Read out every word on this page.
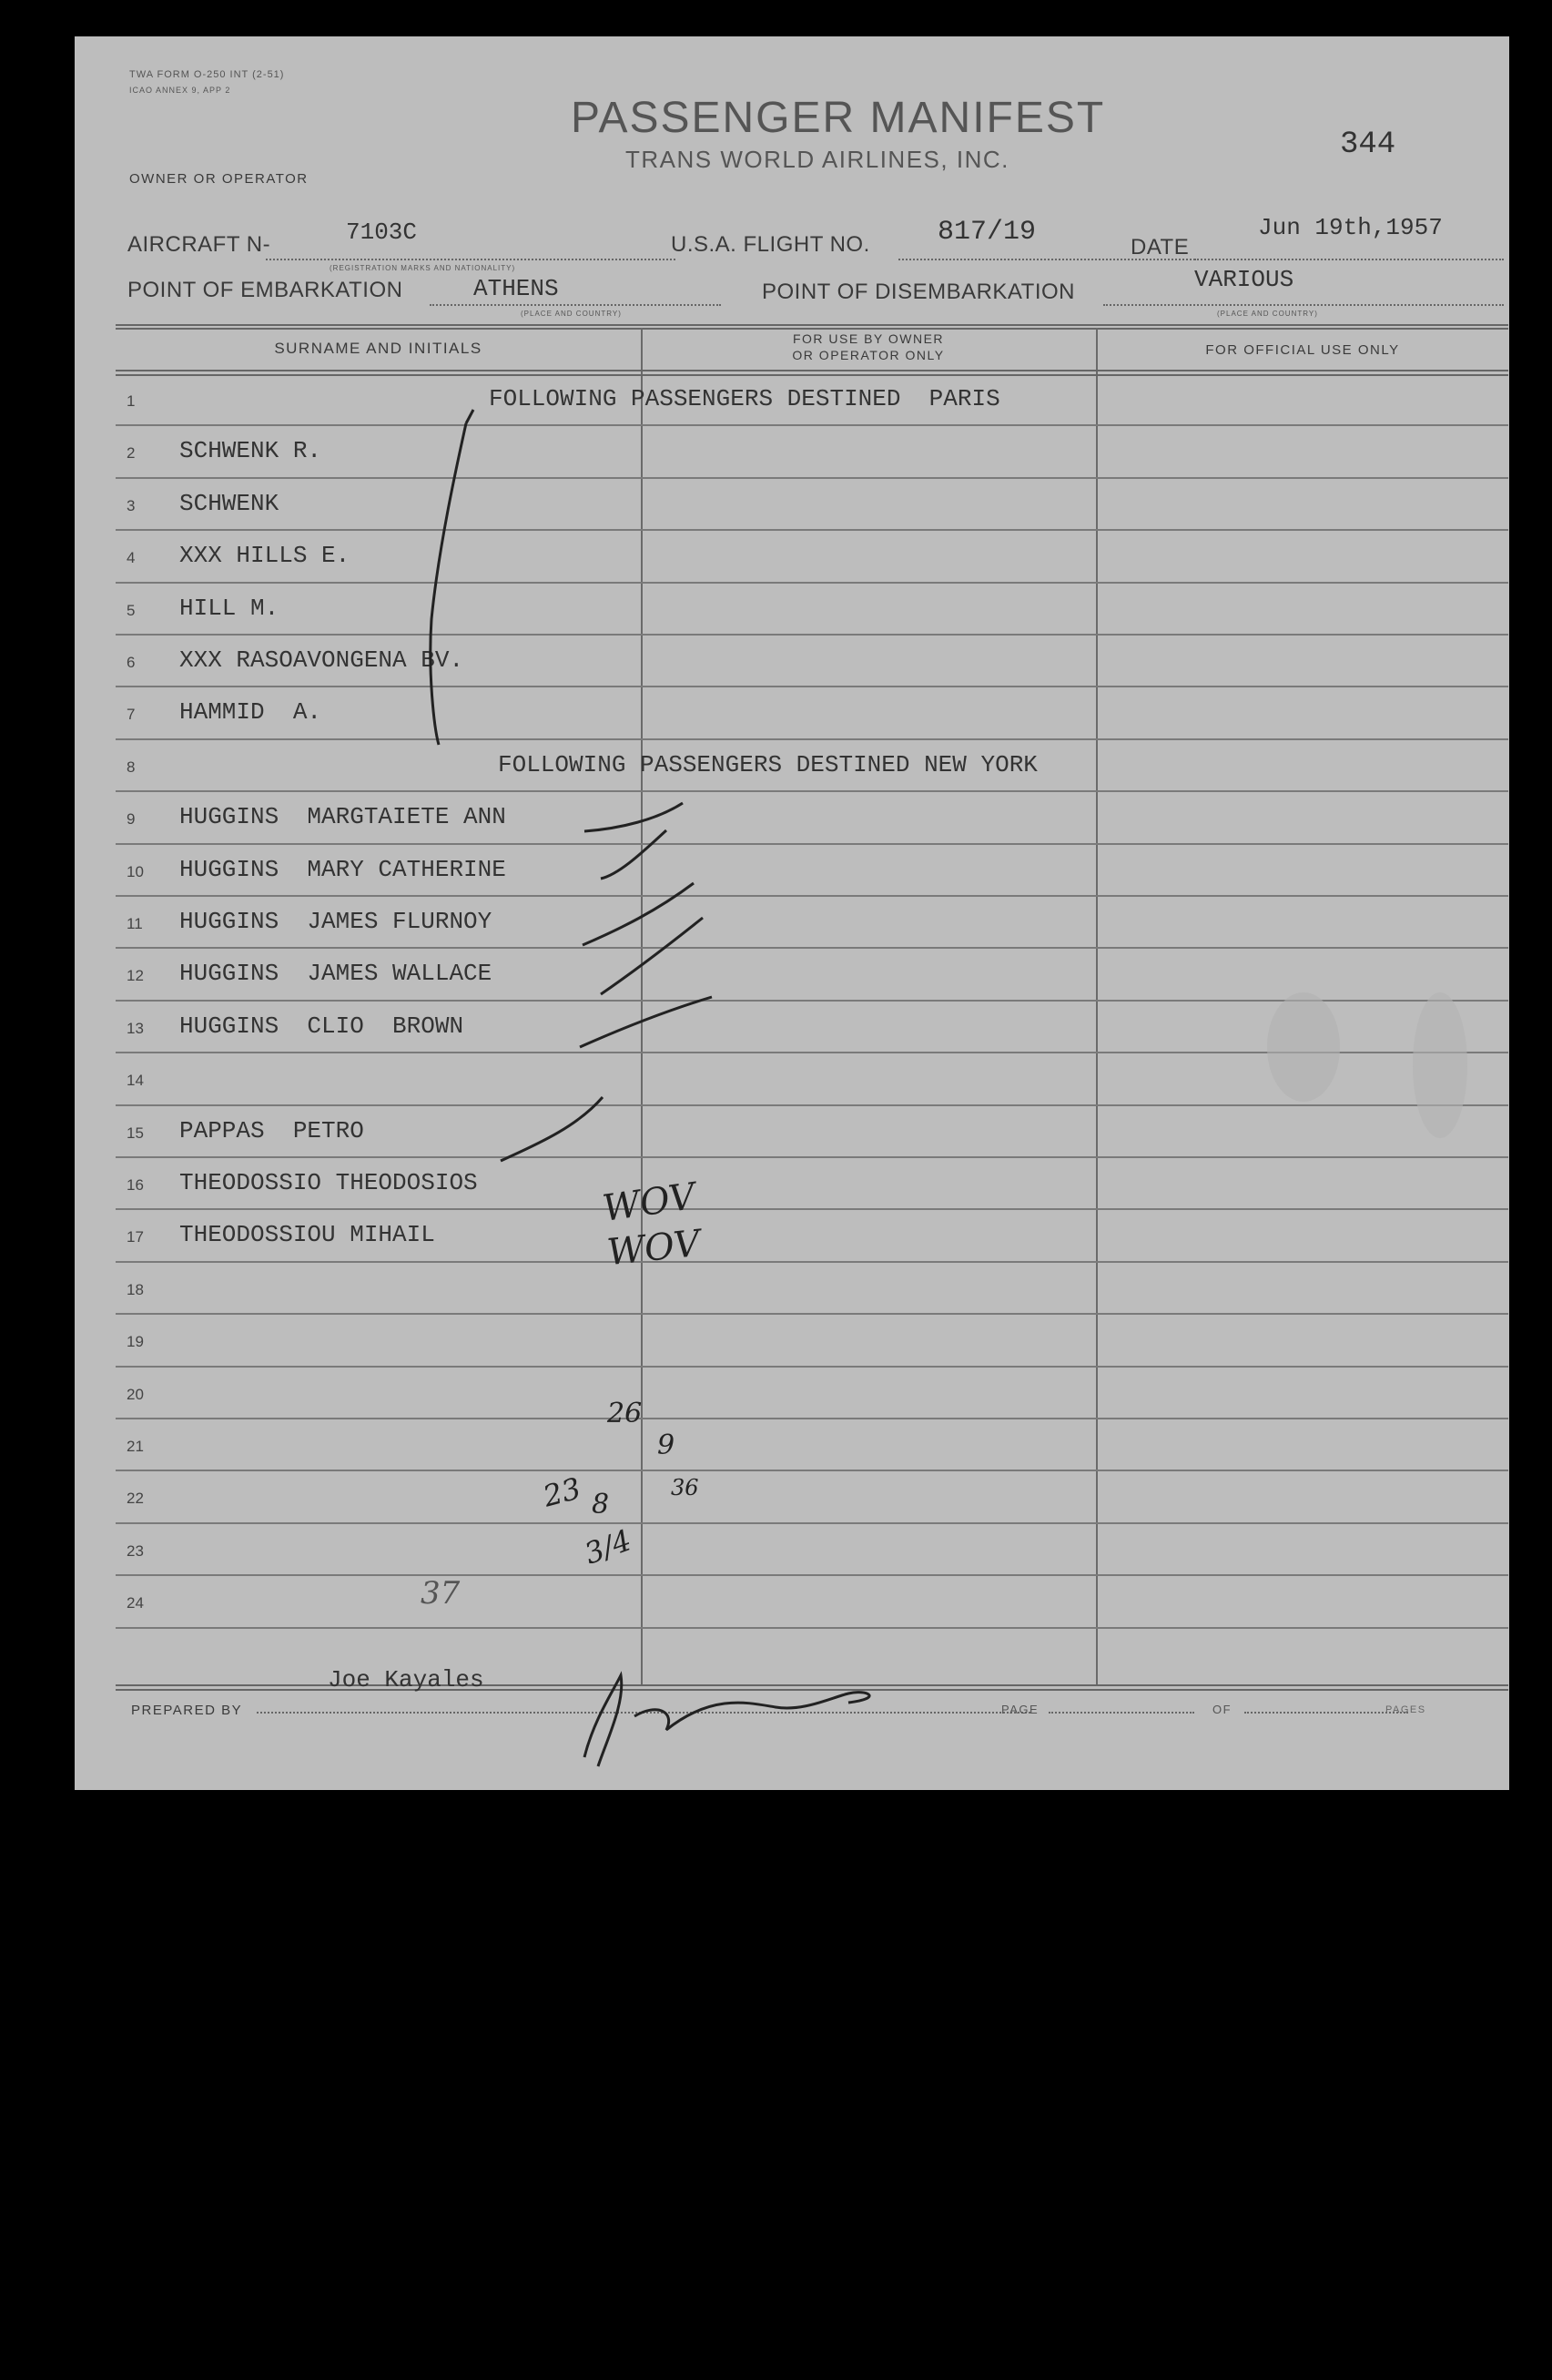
TWA FORM O-250 INT (2-51)
ICAO ANNEX 9, APP 2
OWNER OR OPERATOR
PASSENGER MANIFEST
TRANS WORLD AIRLINES, INC.	344
AIRCRAFT N-	7103C
(REGISTRATION MARKS AND NATIONALITY)
U.S.A. FLIGHT NO. 817/19	DATE
Jun 19th,1957
POINT OF EMBARKATION	ATHENS
(PLACE AND COUNTRY)
POINT OF DISEMBARKATION	VARIOUS
(PLACE AND COUNTRY)
SURNAME AND INITIALS
FOR USE BY OWNER
OR OPERATOR ONLY	FOR OFFICIAL USE ONLY
1	FOLLOWING PASSENGERS DESTINED  PARIS
2 SCHWENK R.
3 SCHWENK
4 XXX HILLS E.
5 HILL M.
6 XXX RASOAVONGENA BV.
7 HAMMID  A.
8	FOLLOWING PASSENGERS DESTINED NEW YORK
9 HUGGINS  MARGTAIETE ANN
10 HUGGINS  MARY CATHERINE
11 HUGGINS  JAMES FLURNOY
12 HUGGINS  JAMES WALLACE
13 HUGGINS  CLIO  BROWN
14
15 PAPPAS  PETRO
16 THEODOSSIO THEODOSIOS
17 THEODOSSIOU MIHAIL
18
19
20
21
22
23
24
PREPARED BY
Joe Kayales
PAGE	OF	PAGES
WOV
WOV
26
9
23 8
3/4
36
37
